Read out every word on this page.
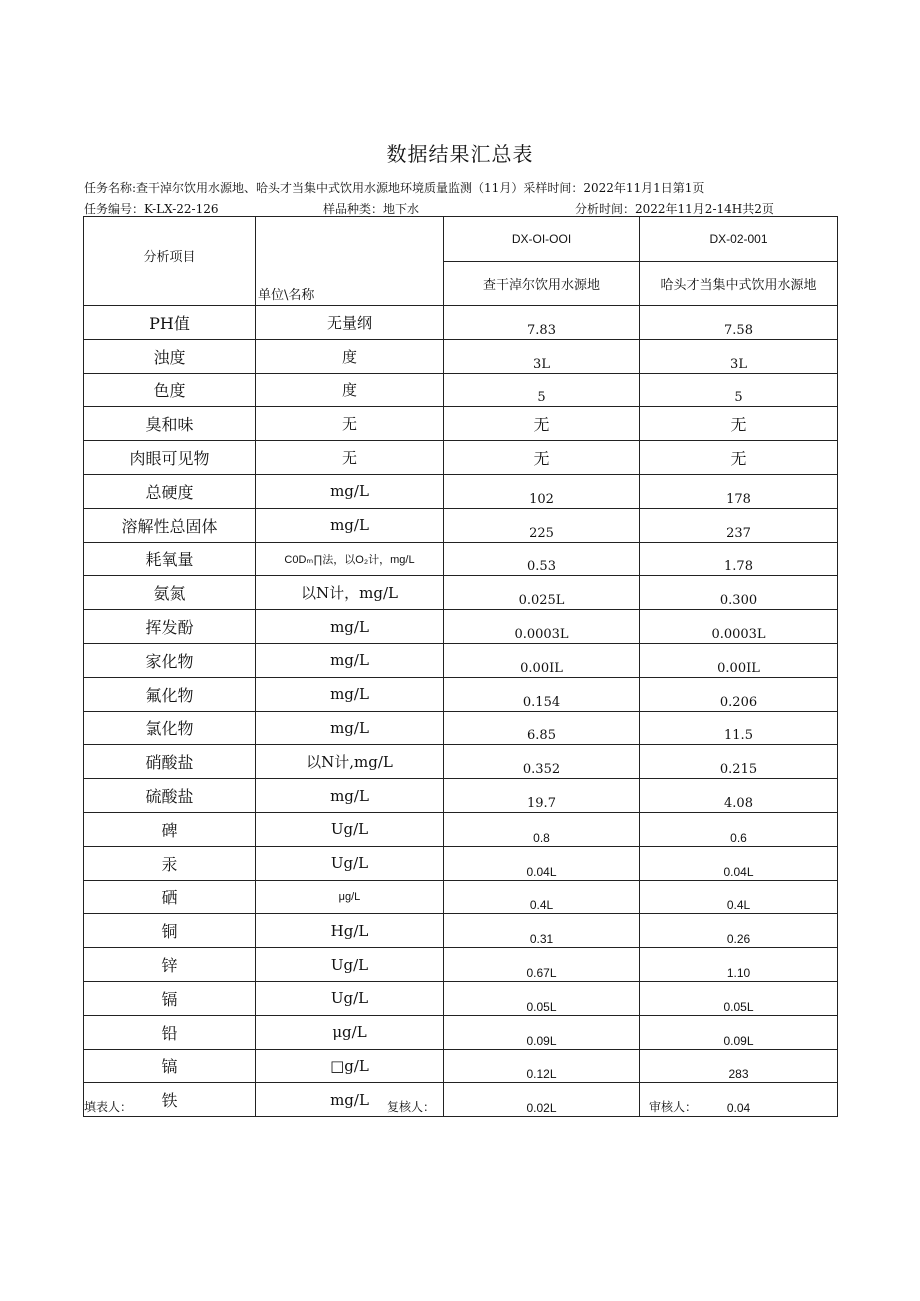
数据结果汇总表
任务名称:查干淖尔饮用水源地、哈头才当集中式饮用水源地环境质量监测（11月）采样时间：2022年11月1日第1页
任务编号：K-LX-22-126	样品种类：地下水	分析时间：2022年11月2-14H共2页
分析项目	单位\名称	DX-OI-OOI	DX-02-001
		查干淖尔饮用水源地	哈头才当集中式饮用水源地
PH值	无量纲	7.83	7.58
浊度	度	3L	3L
色度	度	5	5
臭和味	无	无	无
肉眼可见物	无	无	无
总硬度	mg/L	102	178
溶解性总固体	mg/L	225	237
耗氧量	C0Dₘ∏法，以O₂计，mg/L	0.53	1.78
氨氮	以N计，mg/L	0.025L	0.300
挥发酚	mg/L	0.0003L	0.0003L
家化物	mg/L	0.00IL	0.00IL
氟化物	mg/L	0.154	0.206
氯化物	mg/L	6.85	11.5
硝酸盐	以N计,mg/L	0.352	0.215
硫酸盐	mg/L	19.7	4.08
碑	Ug/L	0.8	0.6
汞	Ug/L	0.04L	0.04L
硒	μg/L	0.4L	0.4L
铜	Hg/L	0.31	0.26
锌	Ug/L	0.67L	1.10
镉	Ug/L	0.05L	0.05L
铅	μg/L	0.09L	0.09L
镐	□g/L	0.12L	283
铁	mg/L	0.02L	0.04
填表人：	复核人：	审核人：
